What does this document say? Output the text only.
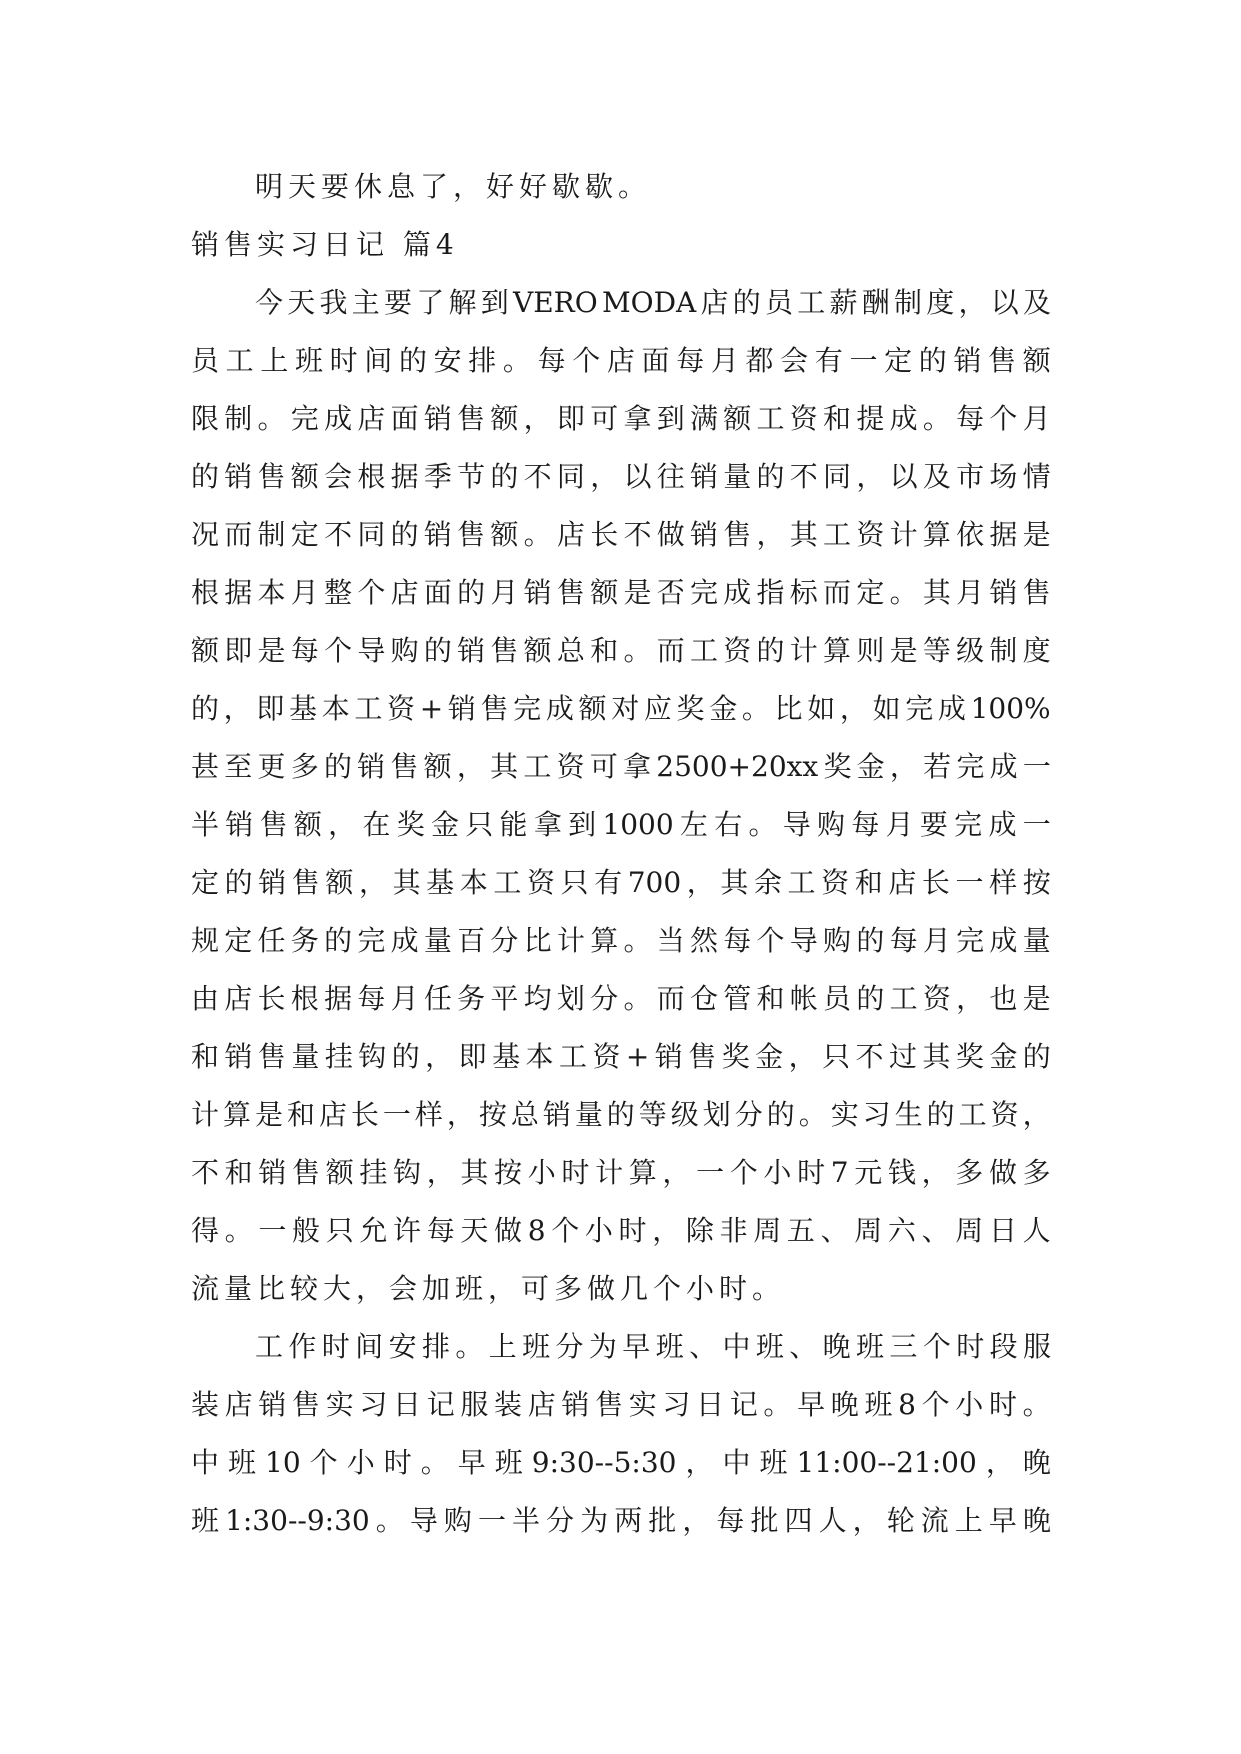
明天要休息了，好好歇歇。
销售实习日记 篇4
今 天 我 主 要 了 解 到 VERO MODA 店 的 员 工 薪 酬 制 度 ， 以 及
员 工 上 班 时 间 的 安 排 。 每 个 店 面 每 月 都 会 有 一 定 的 销 售 额
限 制 。 完 成 店 面 销 售 额 ， 即 可 拿 到 满 额 工 资 和 提 成 。 每 个 月
的 销 售 额 会 根 据 季 节 的 不 同 ， 以 往 销 量 的 不 同 ， 以 及 市 场 情
况 而 制 定 不 同 的 销 售 额 。 店 长 不 做 销 售 ， 其 工 资 计 算 依 据 是
根 据 本 月 整 个 店 面 的 月 销 售 额 是 否 完 成 指 标 而 定 。 其 月 销 售
额 即 是 每 个 导 购 的 销 售 额 总 和 。 而 工 资 的 计 算 则 是 等 级 制 度
的 ， 即 基 本 工 资 + 销 售 完 成 额 对 应 奖 金 。 比 如 ， 如 完 成 100%
甚 至 更 多 的 销 售 额 ， 其 工 资 可 拿 2500+20xx 奖 金 ， 若 完 成 一
半 销 售 额 ， 在 奖 金 只 能 拿 到 1000 左 右 。 导 购 每 月 要 完 成 一
定 的 销 售 额 ， 其 基 本 工 资 只 有 700 ， 其 余 工 资 和 店 长 一 样 按
规 定 任 务 的 完 成 量 百 分 比 计 算 。 当 然 每 个 导 购 的 每 月 完 成 量
由 店 长 根 据 每 月 任 务 平 均 划 分 。 而 仓 管 和 帐 员 的 工 资 ， 也 是
和 销 售 量 挂 钩 的 ， 即 基 本 工 资 + 销 售 奖 金 ， 只 不 过 其 奖 金 的
计 算 是 和 店 长 一 样 ， 按 总 销 量 的 等 级 划 分 的 。 实 习 生 的 工 资 ，
不 和 销 售 额 挂 钩 ， 其 按 小 时 计 算 ， 一 个 小 时 7 元 钱 ， 多 做 多
得 。 一 般 只 允 许 每 天 做 8 个 小 时 ， 除 非 周 五 、 周 六 、 周 日 人
流量比较大，会加班，可多做几个小时。
工 作 时 间 安 排 。 上 班 分 为 早 班 、 中 班 、 晚 班 三 个 时 段 服
装 店 销 售 实 习 日 记 服 装 店 销 售 实 习 日 记 。 早 晚 班 8 个 小 时 。
中 班 10 个 小 时 。 早 班 9:30--5:30 ， 中 班 11:00--21:00 ， 晚
班 1:30--9:30 。 导 购 一 半 分 为 两 批 ， 每 批 四 人 ， 轮 流 上 早 晚
